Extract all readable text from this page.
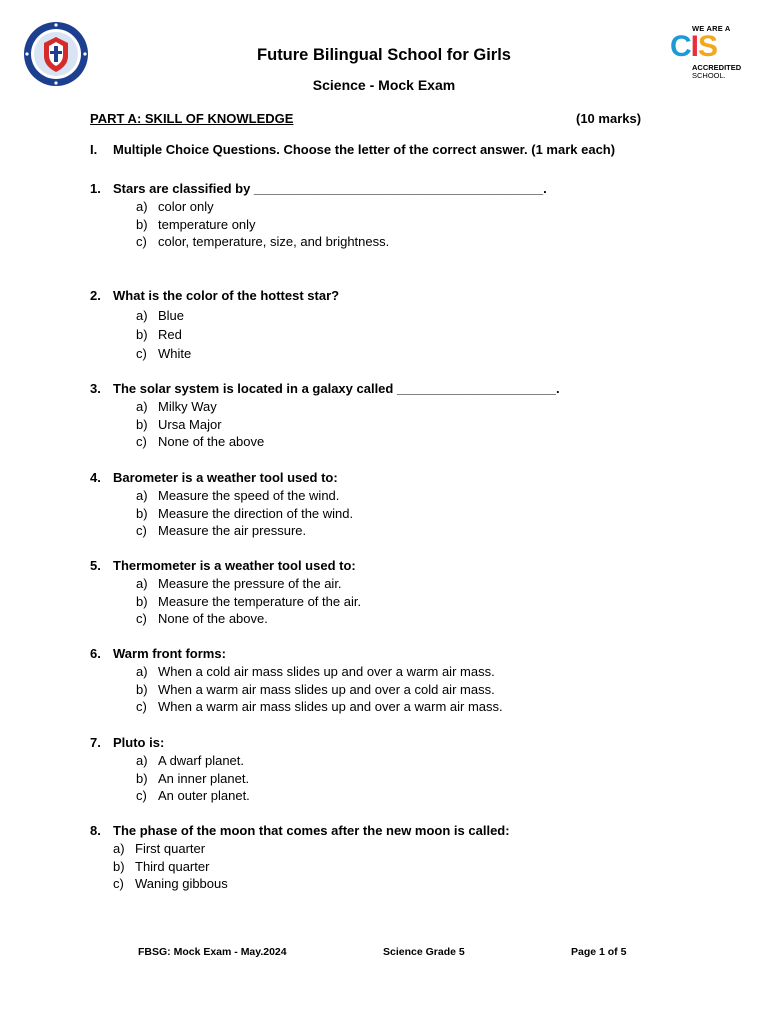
WE ARE A
CIS
ACCREDITED
SCHOOL.
Future Bilingual School for Girls
Science - Mock Exam
PART A: SKILL OF KNOWLEDGE	(10 marks)
I. Multiple Choice Questions. Choose the letter of the correct answer. (1 mark each)
1. Stars are classified by ________________________________________.
a) color only
b) temperature only
c) color, temperature, size, and brightness.
2. What is the color of the hottest star?
a) Blue
b) Red
c) White
3. The solar system is located in a galaxy called ______________________.
a) Milky Way
b) Ursa Major
c) None of the above
4. Barometer is a weather tool used to:
a) Measure the speed of the wind.
b) Measure the direction of the wind.
c) Measure the air pressure.
5. Thermometer is a weather tool used to:
a) Measure the pressure of the air.
b) Measure the temperature of the air.
c) None of the above.
6. Warm front forms:
a) When a cold air mass slides up and over a warm air mass.
b) When a warm air mass slides up and over a cold air mass.
c) When a warm air mass slides up and over a warm air mass.
7. Pluto is:
a) A dwarf planet.
b) An inner planet.
c) An outer planet.
8. The phase of the moon that comes after the new moon is called:
a) First quarter
b) Third quarter
c) Waning gibbous
FBSG: Mock Exam - May.2024	Science Grade 5	Page 1 of 5
